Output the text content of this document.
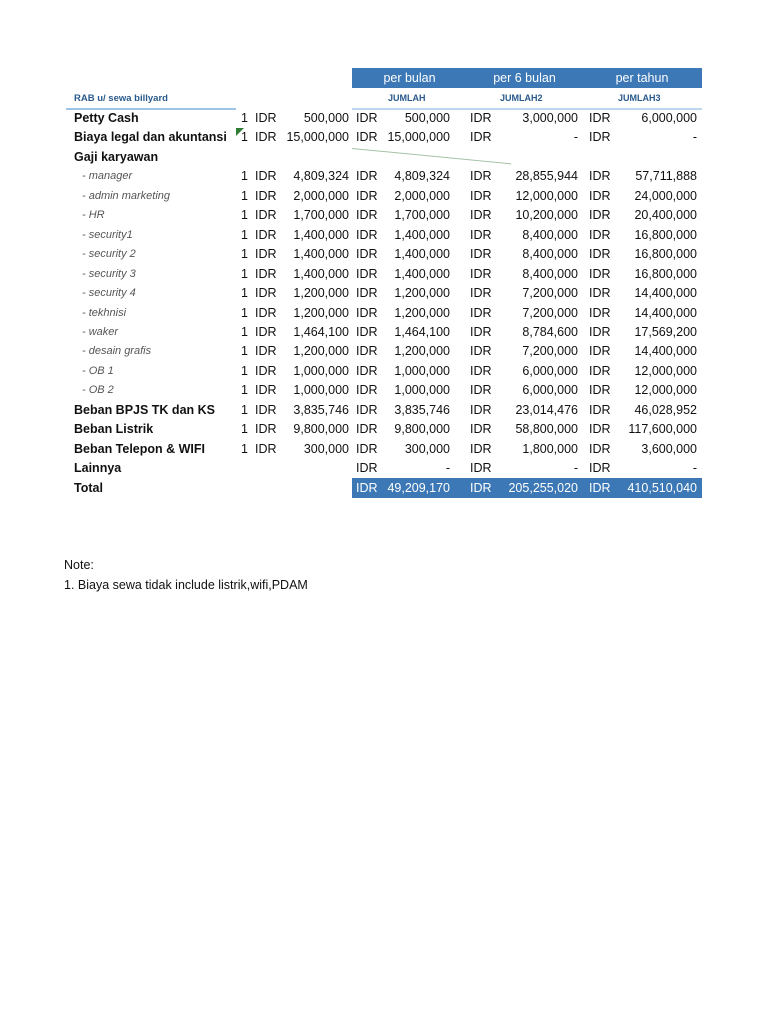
per bulan	per 6 bulan	per tahun
RAB u/ sewa billyard	JUMLAH	JUMLAH2	JUMLAH3
Petty Cash	1 IDR	500,000 IDR	500,000 IDR	3,000,000 IDR	6,000,000
Biaya legal dan akuntansi	1 IDR 15,000,000 IDR 15,000,000 IDR	- IDR	-
Gaji karyawan
- manager	1 IDR	4,809,324 IDR	4,809,324 IDR	28,855,944 IDR	57,711,888
- admin marketing	1 IDR	2,000,000 IDR	2,000,000 IDR	12,000,000 IDR	24,000,000
- HR	1 IDR	1,700,000 IDR	1,700,000 IDR	10,200,000 IDR	20,400,000
- security1	1 IDR	1,400,000 IDR	1,400,000 IDR	8,400,000 IDR	16,800,000
- security 2	1 IDR	1,400,000 IDR	1,400,000 IDR	8,400,000 IDR	16,800,000
- security 3	1 IDR	1,400,000 IDR	1,400,000 IDR	8,400,000 IDR	16,800,000
- security 4	1 IDR	1,200,000 IDR	1,200,000 IDR	7,200,000 IDR	14,400,000
- tekhnisi	1 IDR	1,200,000 IDR	1,200,000 IDR	7,200,000 IDR	14,400,000
- waker	1 IDR	1,464,100 IDR	1,464,100 IDR	8,784,600 IDR	17,569,200
- desain grafis	1 IDR	1,200,000 IDR	1,200,000 IDR	7,200,000 IDR	14,400,000
- OB 1	1 IDR	1,000,000 IDR	1,000,000 IDR	6,000,000 IDR	12,000,000
- OB 2	1 IDR	1,000,000 IDR	1,000,000 IDR	6,000,000 IDR	12,000,000
Beban BPJS TK dan KS	1 IDR	3,835,746 IDR	3,835,746 IDR	23,014,476 IDR	46,028,952
Beban Listrik	1 IDR	9,800,000 IDR	9,800,000 IDR	58,800,000 IDR	117,600,000
Beban Telepon & WIFI	1 IDR	300,000 IDR	300,000 IDR	1,800,000 IDR	3,600,000
Lainnya	IDR	- IDR	- IDR	-
Total	IDR 49,209,170 IDR	205,255,020 IDR	410,510,040
Note:
1. Biaya sewa tidak include listrik,wifi,PDAM
